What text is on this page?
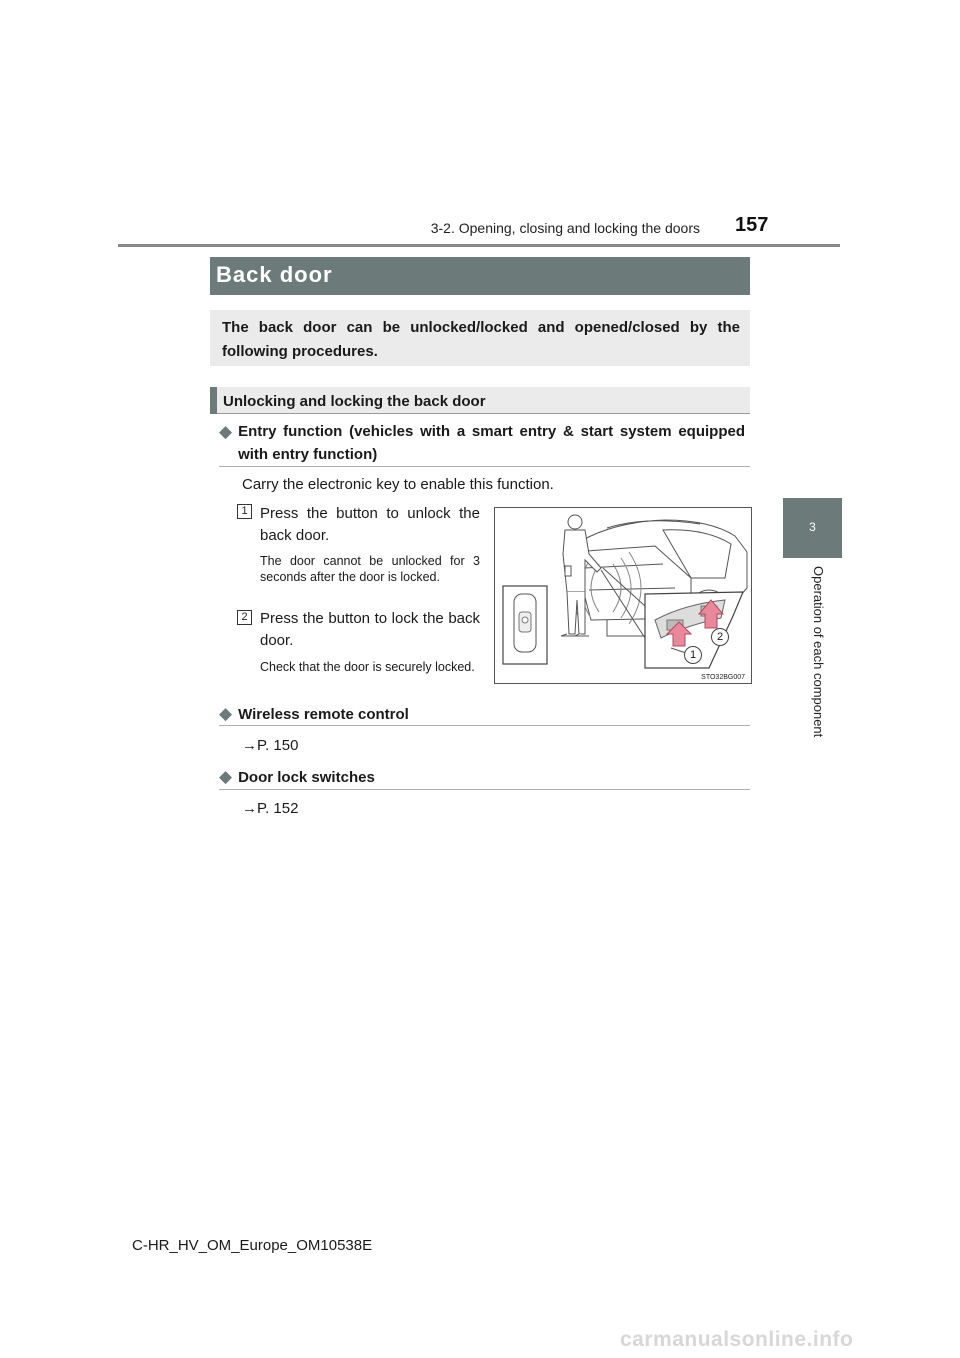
3-2. Opening, closing and locking the doors 157
3
Operation of each component
Back door
The back door can be unlocked/locked and opened/closed by the following procedures.
Unlocking and locking the back door
◆ Entry function (vehicles with a smart entry & start system equipped with entry function)
Carry the electronic key to enable this function.
1 Press the button to unlock the back door.
The door cannot be unlocked for 3 seconds after the door is locked.
2 Press the button to lock the back door.
Check that the door is securely locked.
1
2
STO32BG007
◆ Wireless remote control
→P. 150
◆ Door lock switches
→P. 152
C-HR_HV_OM_Europe_OM10538E
carmanualsonline.info
